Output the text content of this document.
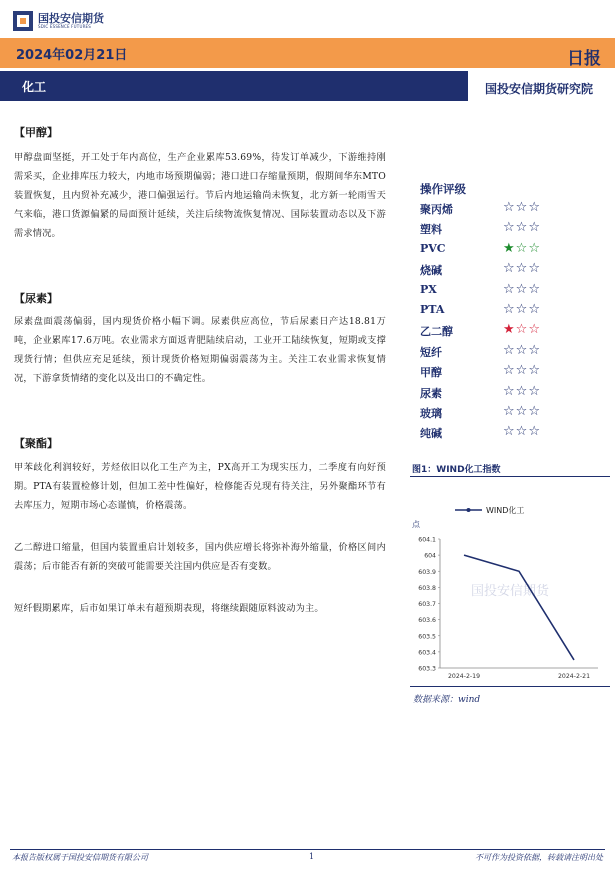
国投安信期货
SDIC ESSENCE FUTURES
2024年02月21日	日报
化工	国投安信期货研究院
【甲醇】
甲醇盘面坚挺，开工处于年内高位，生产企业累库53.69%，待发订单减少，下游维持刚需采买，企业排库压力较大，内地市场预期偏弱；港口进口存缩量预期，假期间华东MTO装置恢复，且内贸补充减少，港口偏强运行。节后内地运输尚未恢复，北方新一轮雨雪天气来临，港口货源偏紧的局面预计延续，关注后续物流恢复情况、国际装置动态以及下游需求情况。
【尿素】
尿素盘面震荡偏弱，国内现货价格小幅下调。尿素供应高位，节后尿素日产达18.81万吨，企业累库17.6万吨。农业需求方面返青肥陆续启动，工业开工陆续恢复，短期或支撑现货行情；但供应充足延续，预计现货价格短期偏弱震荡为主。关注工农业需求恢复情况，下游拿货情绪的变化以及出口的不确定性。
【聚酯】
甲苯歧化利润较好，芳烃依旧以化工生产为主，PX高开工为现实压力，二季度有向好预期。PTA有装置检修计划，但加工差中性偏好，检修能否兑现有待关注，另外聚酯环节有去库压力，短期市场心态谨慎，价格震荡。
乙二醇进口缩量，但国内装置重启计划较多，国内供应增长将弥补海外缩量，价格区间内震荡；后市能否有新的突破可能需要关注国内供应是否有变数。
短纤假期累库，后市如果订单未有超预期表现，将继续跟随原料波动为主。
操作评级
聚丙烯	☆☆☆
塑料	☆☆☆
PVC	★☆☆
烧碱	☆☆☆
PX	☆☆☆
PTA	☆☆☆
乙二醇	★☆☆
短纤	☆☆☆
甲醇	☆☆☆
尿素	☆☆☆
玻璃	☆☆☆
纯碱	☆☆☆
图1：WIND化工指数
国投安信期货
WIND化工
点
603.3
603.4
603.5
603.6
603.7
603.8
603.9
604
604.1
2024-2-19	2024-2-21
数据来源：wind
本报告版权属于国投安信期货有限公司	1	不可作为投资依据，转载请注明出处
